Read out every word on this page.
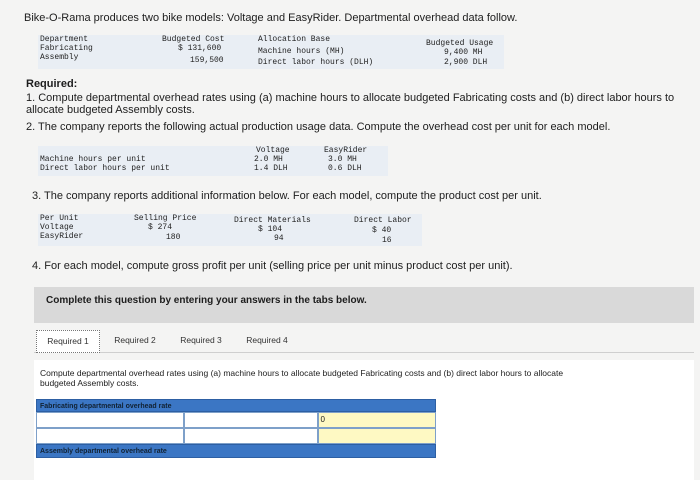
Bike-O-Rama produces two bike models: Voltage and EasyRider. Departmental overhead data follow.
Department	Budgeted Cost	Allocation Base	Budgeted Usage
Fabricating	$ 131,600	Machine hours (MH)	9,400 MH
Assembly	159,500	Direct labor hours (DLH)	2,900 DLH
Required:
1. Compute departmental overhead rates using (a) machine hours to allocate budgeted Fabricating costs and (b) direct labor hours to
allocate budgeted Assembly costs.
2. The company reports the following actual production usage data. Compute the overhead cost per unit for each model.
Voltage	EasyRider
Machine hours per unit	2.0 MH	3.0 MH
Direct labor hours per unit	1.4 DLH	0.6 DLH
3. The company reports additional information below. For each model, compute the product cost per unit.
Per Unit	Selling Price	Direct Materials	Direct Labor
Voltage	$ 274	$ 104	$ 40
EasyRider	180	94	16
4. For each model, compute gross profit per unit (selling price per unit minus product cost per unit).
Complete this question by entering your answers in the tabs below.
Required 1	Required 2	Required 3	Required 4
Compute departmental overhead rates using (a) machine hours to allocate budgeted Fabricating costs and (b) direct labor hours to allocate budgeted Assembly costs.
Fabricating departmental overhead rate
0
Assembly departmental overhead rate
